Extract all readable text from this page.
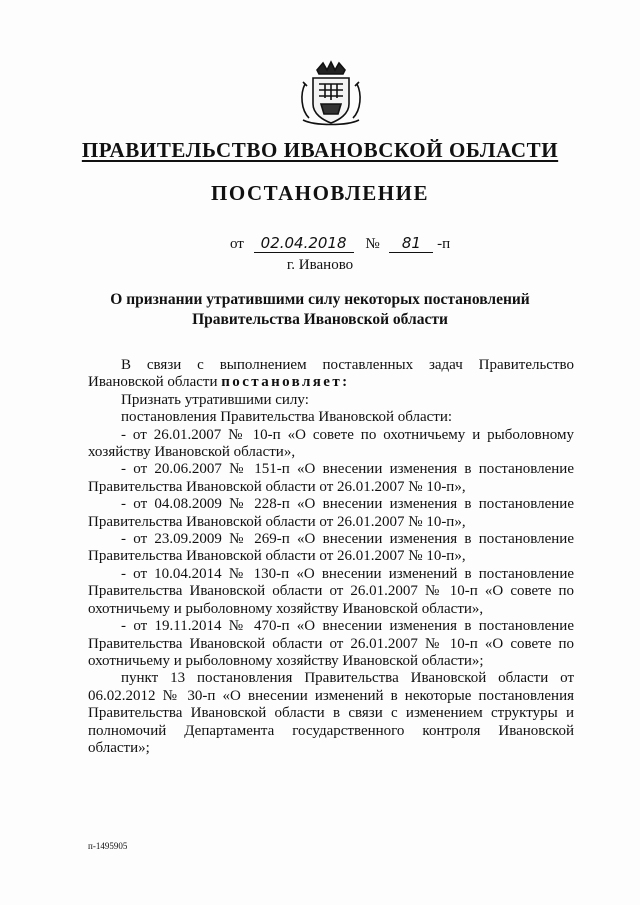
ПРАВИТЕЛЬСТВО ИВАНОВСКОЙ ОБЛАСТИ
ПОСТАНОВЛЕНИЕ
от 02.04.2018 № 81 -п
г. Иваново
О признании утратившими силу некоторых постановлений
Правительства Ивановской области

В связи с выполнением поставленных задач Правительство Ивановской области постановляет:

Признать утратившими силу:

постановления Правительства Ивановской области:

- от 26.01.2007 № 10-п «О совете по охотничьему и рыболовному хозяйству Ивановской области»,

- от 20.06.2007 № 151-п «О внесении изменения в постановление Правительства Ивановской области от 26.01.2007 № 10-п»,

- от 04.08.2009 № 228-п «О внесении изменения в постановление Правительства Ивановской области от 26.01.2007 № 10-п»,

- от 23.09.2009 № 269-п «О внесении изменения в постановление Правительства Ивановской области от 26.01.2007 № 10-п»,

- от 10.04.2014 № 130-п «О внесении изменений в постановление Правительства Ивановской области от 26.01.2007 № 10-п «О совете по охотничьему и рыболовному хозяйству Ивановской области»,

- от 19.11.2014 № 470-п «О внесении изменения в постановление Правительства Ивановской области от 26.01.2007 № 10-п «О совете по охотничьему и рыболовному хозяйству Ивановской области»;

пункт 13 постановления Правительства Ивановской области от 06.02.2012 № 30-п «О внесении изменений в некоторые постановления Правительства Ивановской области в связи с изменением структуры и полномочий Департамента государственного контроля Ивановской области»;

п-1495905
